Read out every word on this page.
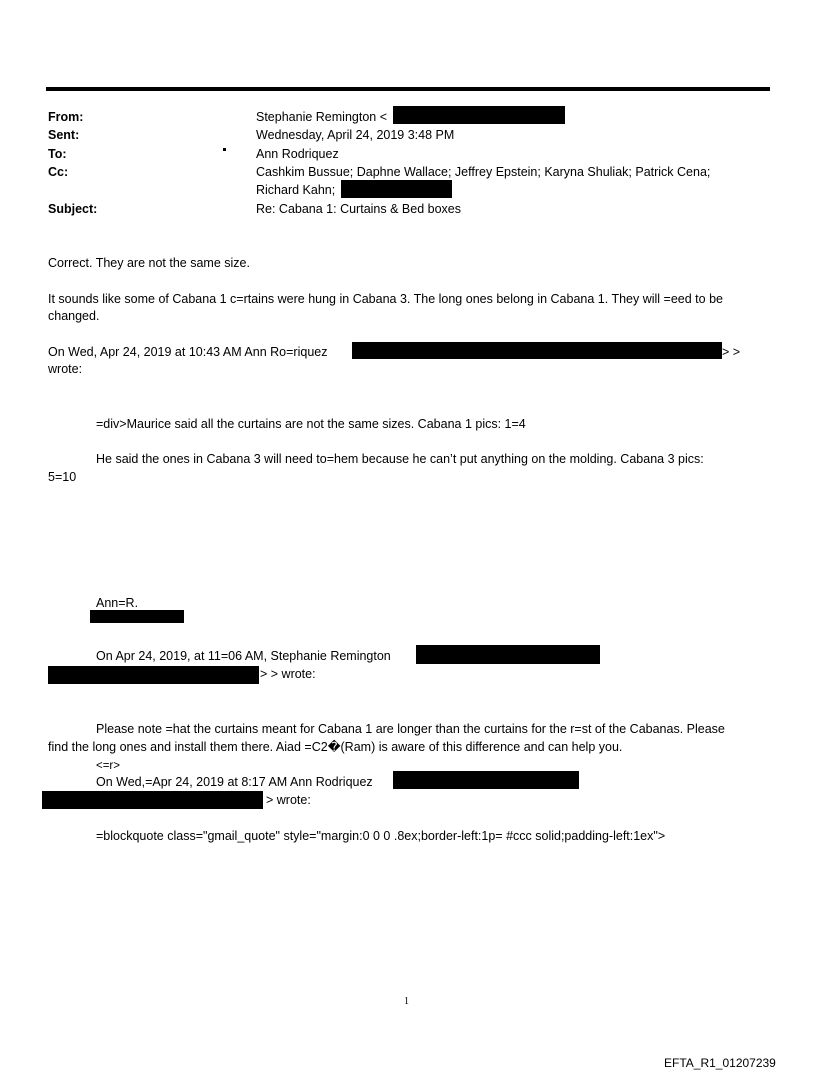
From:	Stephanie Remington <
Sent:	Wednesday, April 24, 2019 3:48 PM
To:	Ann Rodriquez
Cc:	Cashkim Bussue; Daphne Wallace; Jeffrey Epstein; Karyna Shuliak; Patrick Cena;
Richard Kahn;
Subject:	Re: Cabana 1: Curtains & Bed boxes
Correct. They are not the same size.
It sounds like some of Cabana 1 c=rtains were hung in Cabana 3. The long ones belong in Cabana 1. They will =eed to be
changed.
On Wed, Apr 24, 2019 at 10:43 AM Ann Ro=riquez	> >
wrote:
=div>Maurice said all the curtains are not the same sizes. Cabana 1 pics: 1=4
He said the ones in Cabana 3 will need to=hem because he can’t put anything on the molding. Cabana 3 pics:
5=10
Ann=R.
On Apr 24, 2019, at 11=06 AM, Stephanie Remington
> > wrote:
Please note =hat the curtains meant for Cabana 1 are longer than the curtains for the r=st of the Cabanas. Please
find the long ones and install them there. Aiad =C2�(Ram) is aware of this difference and can help you.
<=r>
On Wed,=Apr 24, 2019 at 8:17 AM Ann Rodriquez
> wrote:
=blockquote class="gmail_quote" style="margin:0 0 0 .8ex;border-left:1p= #ccc solid;padding-left:1ex">
1
EFTA_R1_01207239
